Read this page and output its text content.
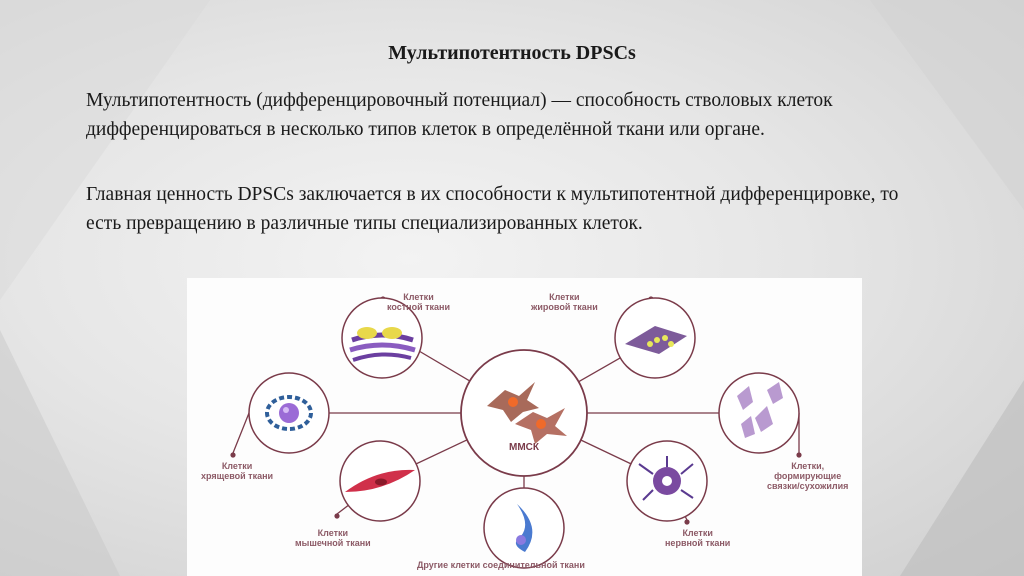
Мультипотентность DPSCs
Мультипотентность (дифференцировочный потенциал) — способность стволовых клеток дифференцироваться в несколько типов клеток в определённой ткани или органе.
Главная ценность DPSCs заключается в их способности к мультипотентной дифференцировке, то есть превращению в различные типы специализированных клеток.
ММСК
Клетки
костной ткани
Клетки
жировой ткани
Клетки
хрящевой ткани
Клетки,
формирующие
связки/сухожилия
Клетки
мышечной ткани
Клетки
нервной ткани
Другие клетки соединительной ткани
